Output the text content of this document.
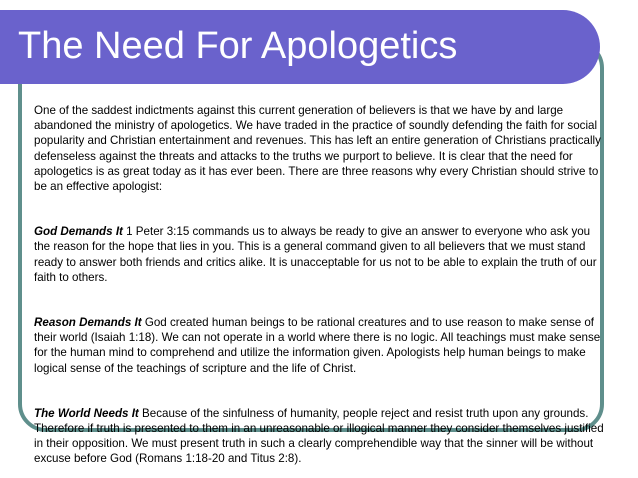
The Need For Apologetics

One of the saddest indictments against this current generation of believers is that we have by and large abandoned the ministry of apologetics. We have traded in the practice of soundly defending the faith for social popularity and Christian entertainment and revenues. This has left an entire generation of Christians practically defenseless against the threats and attacks to the truths we purport to believe. It is clear that the need for apologetics is as great today as it has ever been. There are three reasons why every Christian should strive to be an effective apologist:

God Demands It 1 Peter 3:15 commands us to always be ready to give an answer to everyone who ask you the reason for the hope that lies in you. This is a general command given to all believers that we must stand ready to answer both friends and critics alike. It is unacceptable for us not to be able to explain the truth of our faith to others.

Reason Demands It God created human beings to be rational creatures and to use reason to make sense of their world (Isaiah 1:18). We can not operate in a world where there is no logic. All teachings must make sense for the human mind to comprehend and utilize the information given. Apologists help human beings to make logical sense of the teachings of scripture and the life of Christ.

The World Needs It Because of the sinfulness of humanity, people reject and resist truth upon any grounds. Therefore if truth is presented to them in an unreasonable or illogical manner they consider themselves justified in their opposition. We must present truth in such a clearly comprehendible way that the sinner will be without excuse before God (Romans 1:18-20 and Titus 2:8).
